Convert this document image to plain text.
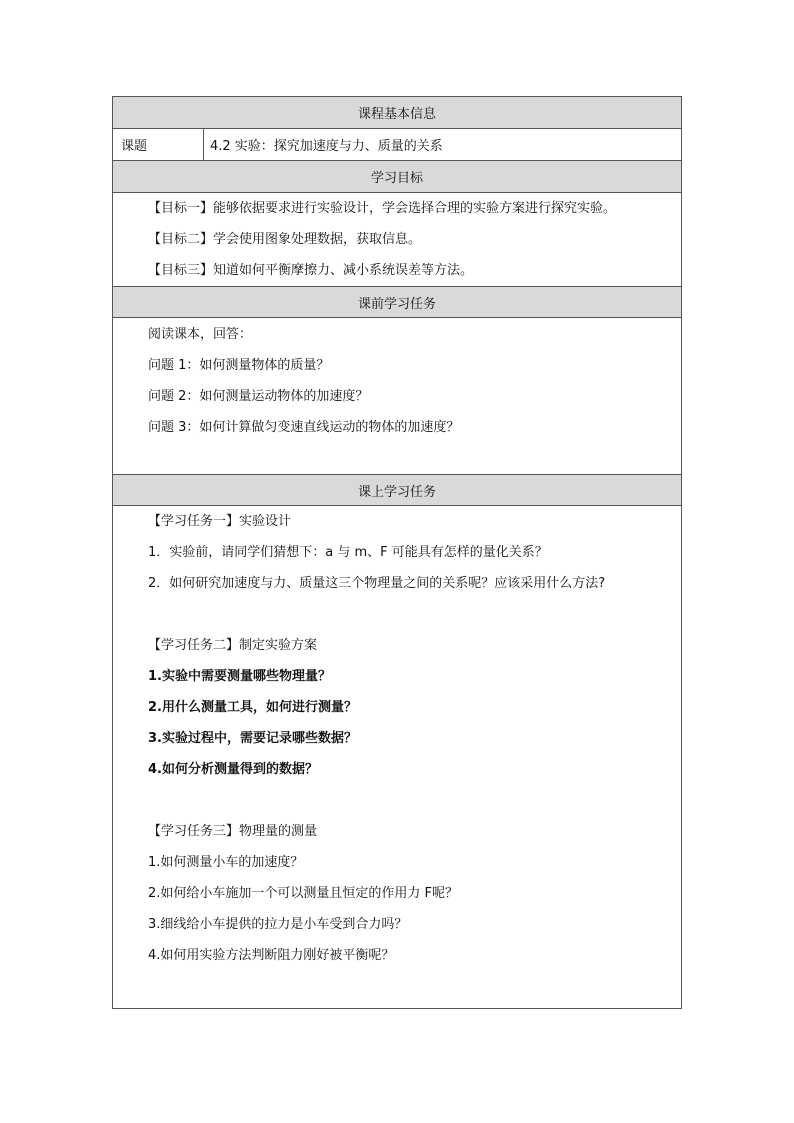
课程基本信息
课题	4.2 实验：探究加速度与力、质量的关系
学习目标
【目标一】能够依据要求进行实验设计，学会选择合理的实验方案进行探究实验。
【目标二】学会使用图象处理数据，获取信息。
【目标三】知道如何平衡摩擦力、减小系统误差等方法。
课前学习任务
阅读课本，回答：
问题 1：如何测量物体的质量？
问题 2：如何测量运动物体的加速度？
问题 3：如何计算做匀变速直线运动的物体的加速度？
课上学习任务
【学习任务一】实验设计
1．实验前，请同学们猜想下：a 与 m、F 可能具有怎样的量化关系？
2．如何研究加速度与力、质量这三个物理量之间的关系呢？应该采用什么方法?
【学习任务二】制定实验方案
1.实验中需要测量哪些物理量？
2.用什么测量工具，如何进行测量？
3.实验过程中，需要记录哪些数据？
4.如何分析测量得到的数据？
【学习任务三】物理量的测量
1.如何测量小车的加速度？
2.如何给小车施加一个可以测量且恒定的作用力 F呢？
3.细线给小车提供的拉力是小车受到合力吗？
4.如何用实验方法判断阻力刚好被平衡呢？
